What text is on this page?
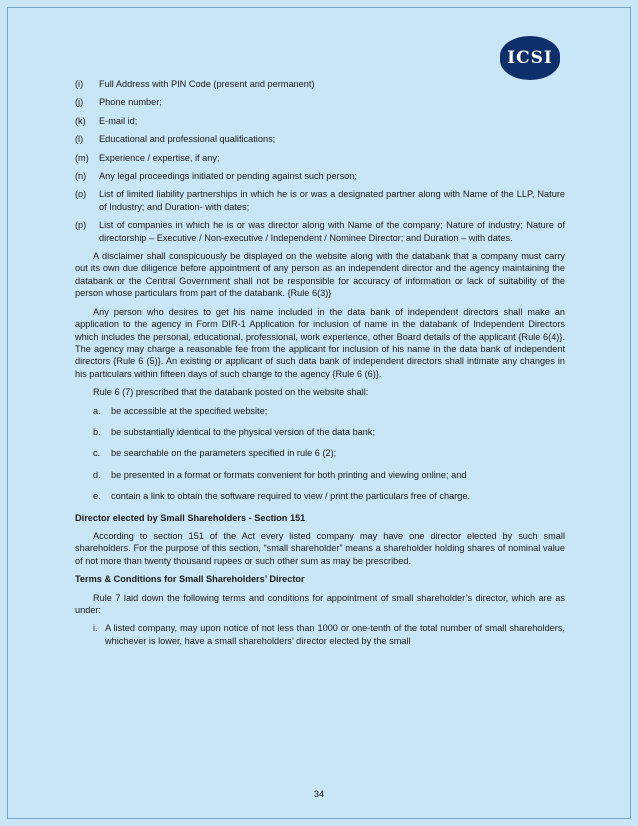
ICSI
(i) Full Address with PIN Code (present and permanent)
(j) Phone number;
(k) E-mail id;
(l) Educational and professional qualifications;
(m) Experience / expertise, if any;
(n) Any legal proceedings initiated or pending against such person;
(o) List of limited liability partnerships in which he is or was a designated partner along with Name of the LLP, Nature of Industry; and Duration- with dates;
(p) List of companies in which he is or was director along with Name of the company; Nature of industry; Nature of directorship – Executive / Non-executive / Independent / Nominee Director; and Duration – with dates.

A disclaimer shall conspicuously be displayed on the website along with the databank that a company must carry out its own due diligence before appointment of any person as an independent director and the agency maintaining the databank or the Central Government shall not be responsible for accuracy of information or lack of suitability of the person whose particulars from part of the databank. {Rule 6(3)}

Any person who desires to get his name included in the data bank of independent directors shall make an application to the agency in Form DIR-1 Application for inclusion of name in the databank of Independent Directors which includes the personal, educational, professional, work experience, other Board details of the applicant {Rule 6(4)}. The agency may charge a reasonable fee from the applicant for inclusion of his name in the data bank of independent directors {Rule 6 (5)}. An existing or applicant of such data bank of independent directors shall intimate any changes in his particulars within fifteen days of such change to the agency {Rule 6 (6)}.

Rule 6 (7) prescribed that the databank posted on the website shall:

a. be accessible at the specified website;
b. be substantially identical to the physical version of the data bank;
c. be searchable on the parameters specified in rule 6 (2);
d. be presented in a format or formats convenient for both printing and viewing online; and
e. contain a link to obtain the software required to view / print the particulars free of charge.
Director elected by Small Shareholders - Section 151

According to section 151 of the Act every listed company may have one director elected by such small shareholders. For the purpose of this section, “small shareholder” means a shareholder holding shares of nominal value of not more than twenty thousand rupees or such other sum as may be prescribed.

Terms & Conditions for Small Shareholders’ Director

Rule 7 laid down the following terms and conditions for appointment of small shareholder’s director, which are as under:

i. A listed company, may upon notice of not less than 1000 or one-tenth of the total number of small shareholders, whichever is lower, have a small shareholders’ director elected by the small
34
